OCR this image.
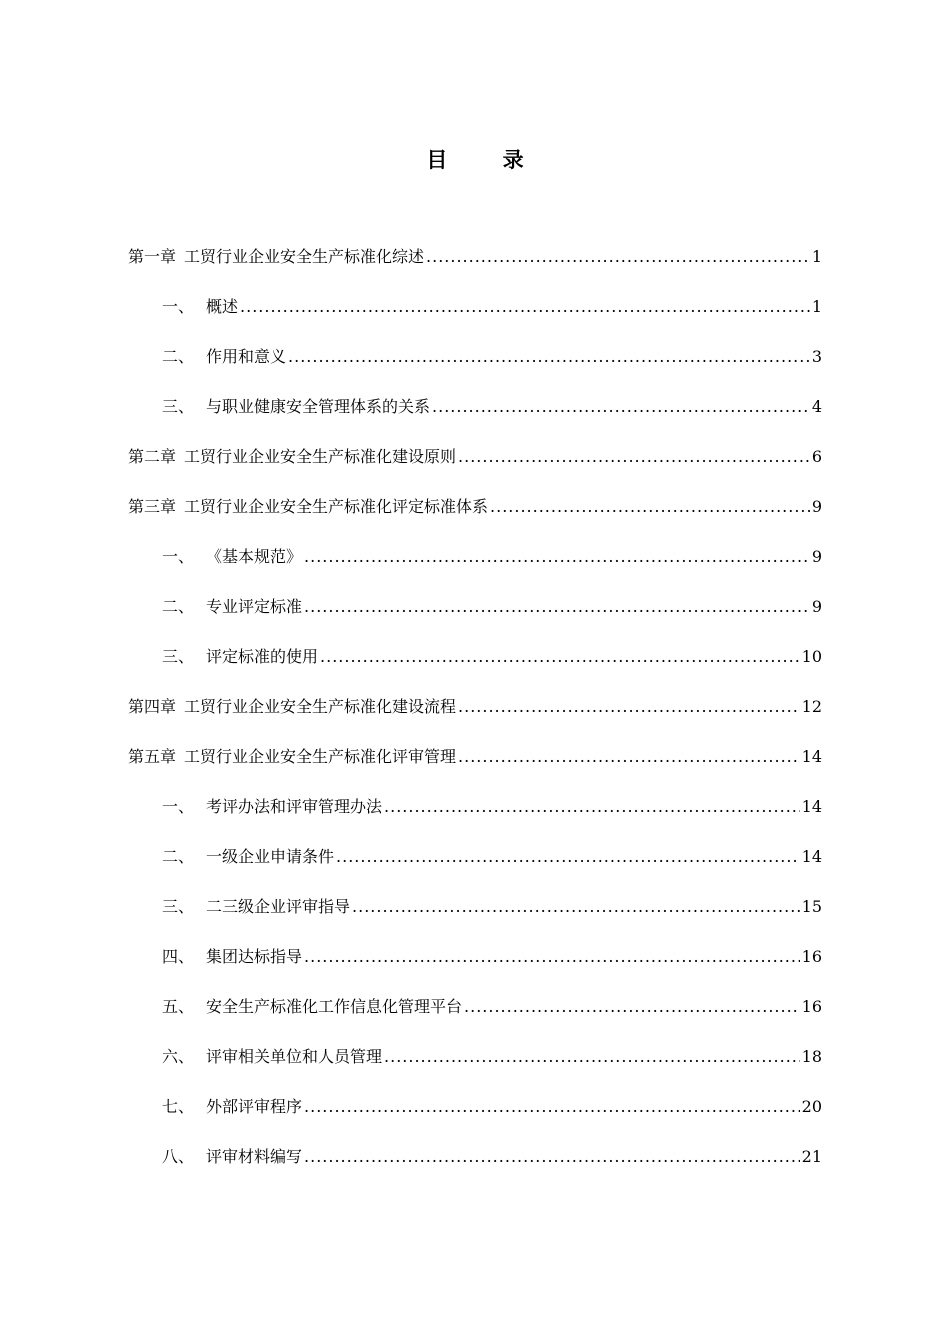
目 录
第一章 工贸行业企业安全生产标准化综述 .....	1
一、 概述 .....	1
二、 作用和意义 .....	3
三、 与职业健康安全管理体系的关系 .....	4
第二章 工贸行业企业安全生产标准化建设原则 .....	6
第三章 工贸行业企业安全生产标准化评定标准体系 .....	9
一、 《基本规范》 .....	9
二、 专业评定标准 .....	9
三、 评定标准的使用 .....	10
第四章 工贸行业企业安全生产标准化建设流程 .....	12
第五章 工贸行业企业安全生产标准化评审管理 .....	14
一、 考评办法和评审管理办法 .....	14
二、 一级企业申请条件 .....	14
三、 二三级企业评审指导 .....	15
四、 集团达标指导 .....	16
五、 安全生产标准化工作信息化管理平台 .....	16
六、 评审相关单位和人员管理 .....	18
七、 外部评审程序 .....	20
八、 评审材料编写 .....	21
